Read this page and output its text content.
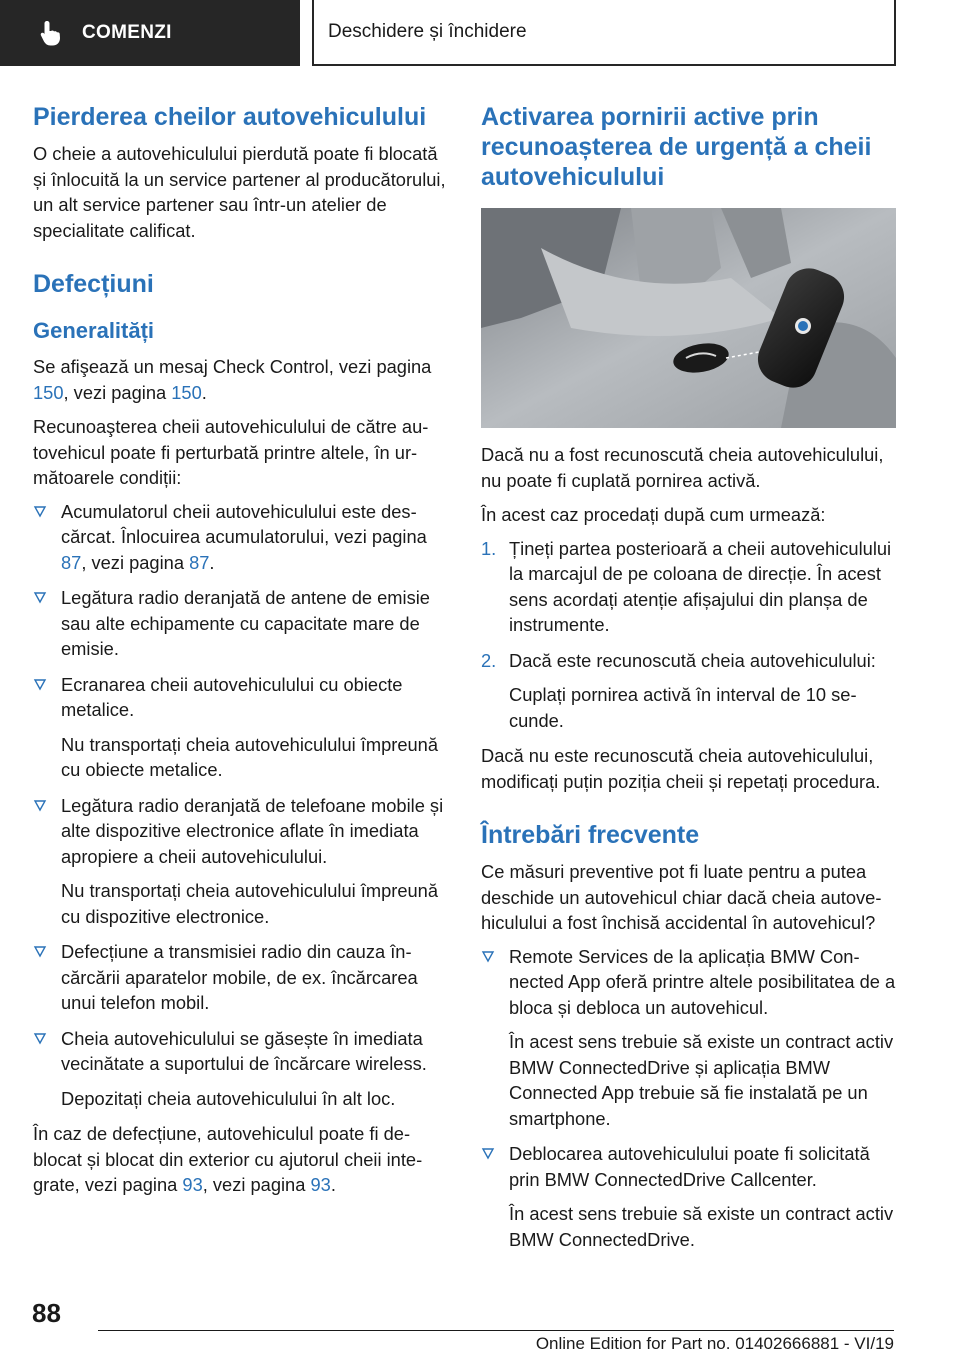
COMENZI	Deschidere și închidere
Pierderea cheilor autovehiculului

O cheie a autovehiculului pierdută poate fi blocată și înlocuită la un service partener al producătorului, un alt service partener sau într-un atelier de specialitate calificat.

Defecțiuni
Generalități

Se afişează un mesaj Check Control, vezi pagina 150, vezi pagina 150.

Recunoaşterea cheii autovehiculului de către autovehicul poate fi perturbată printre altele, în următoarele condiții:

Acumulatorul cheii autovehiculului este descărcat. Înlocuirea acumulatorului, vezi pagina 87, vezi pagina 87.

Legătura radio deranjată de antene de emisie sau alte echipamente cu capacitate mare de emisie.

Ecranarea cheii autovehiculului cu obiecte metalice.

Nu transportați cheia autovehiculului împreună cu obiecte metalice.

Legătura radio deranjată de telefoane mobile și alte dispozitive electronice aflate în imediata apropiere a cheii autovehiculului.

Nu transportați cheia autovehiculului împreună cu dispozitive electronice.

Defecțiune a transmisiei radio din cauza încărcării aparatelor mobile, de ex. încărcarea unui telefon mobil.

Cheia autovehiculului se găsește în imediata vecinătate a suportului de încărcare wireless.

Depozitați cheia autovehiculului în alt loc.

În caz de defecțiune, autovehiculul poate fi deblocat și blocat din exterior cu ajutorul cheii integrate, vezi pagina 93, vezi pagina 93.

Activarea pornirii active prin recunoașterea de urgență a cheii autovehiculului

Dacă nu a fost recunoscută cheia autovehiculului, nu poate fi cuplată pornirea activă.

În acest caz procedați după cum urmează:

1. Țineți partea posterioară a cheii autovehiculului la marcajul de pe coloana de direcție. În acest sens acordați atenție afișajului din planșa de instrumente.

2. Dacă este recunoscută cheia autovehiculului:

Cuplați pornirea activă în interval de 10 secunde.

Dacă nu este recunoscută cheia autovehiculului, modificați puțin poziția cheii și repetați procedura.

Întrebări frecvente

Ce măsuri preventive pot fi luate pentru a putea deschide un autovehicul chiar dacă cheia autovehiculului a fost închisă accidental în autovehicul?

Remote Services de la aplicația BMW Connected App oferă printre altele posibilitatea de a bloca și debloca un autovehicul.

În acest sens trebuie să existe un contract activ BMW ConnectedDrive și aplicația BMW Connected App trebuie să fie instalată pe un smartphone.

Deblocarea autovehiculului poate fi solicitată prin BMW ConnectedDrive Callcenter.

În acest sens trebuie să existe un contract activ BMW ConnectedDrive.

88
Online Edition for Part no. 01402666881 - VI/19
